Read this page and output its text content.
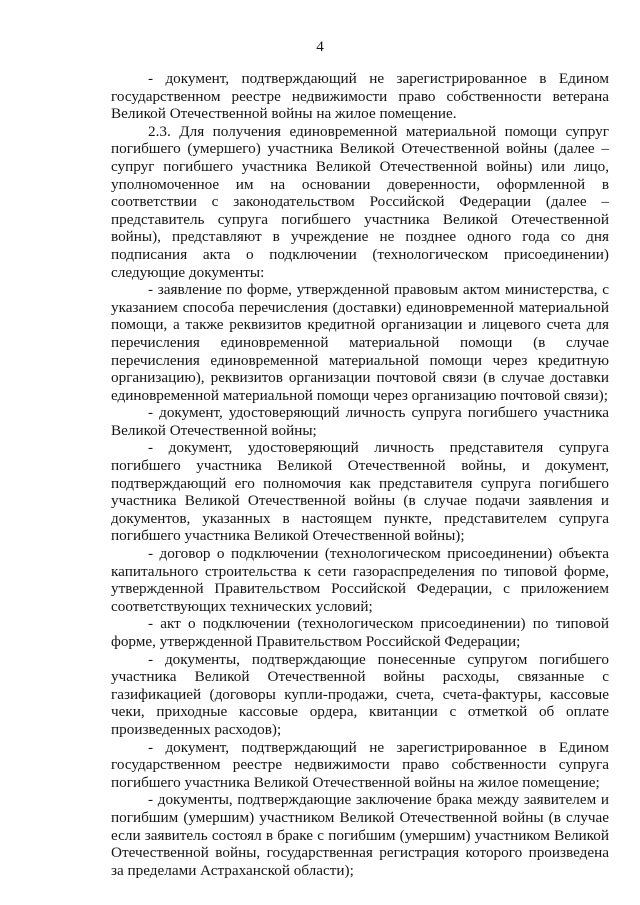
4

- документ, подтверждающий не зарегистрированное в Едином государственном реестре недвижимости право собственности ветерана Великой Отечественной войны на жилое помещение.

2.3. Для получения единовременной материальной помощи супруг погибшего (умершего) участника Великой Отечественной войны (далее – супруг погибшего участника Великой Отечественной войны) или лицо, уполномоченное им на основании доверенности, оформленной в соответствии с законодательством Российской Федерации (далее – представитель супруга погибшего участника Великой Отечественной войны), представляют в учреждение не позднее одного года со дня подписания акта о подключении (технологическом присоединении) следующие документы:

- заявление по форме, утвержденной правовым актом министерства, с указанием способа перечисления (доставки) единовременной материальной помощи, а также реквизитов кредитной организации и лицевого счета для перечисления единовременной материальной помощи (в случае перечисления единовременной материальной помощи через кредитную организацию), реквизитов организации почтовой связи (в случае доставки единовременной материальной помощи через организацию почтовой связи);

- документ, удостоверяющий личность супруга погибшего участника Великой Отечественной войны;

- документ, удостоверяющий личность представителя супруга погибшего участника Великой Отечественной войны, и документ, подтверждающий его полномочия как представителя супруга погибшего участника Великой Отечественной войны (в случае подачи заявления и документов, указанных в настоящем пункте, представителем супруга погибшего участника Великой Отечественной войны);

- договор о подключении (технологическом присоединении) объекта капитального строительства к сети газораспределения по типовой форме, утвержденной Правительством Российской Федерации, с приложением соответствующих технических условий;

- акт о подключении (технологическом присоединении) по типовой форме, утвержденной Правительством Российской Федерации;

- документы, подтверждающие понесенные супругом погибшего участника Великой Отечественной войны расходы, связанные с газификацией (договоры купли-продажи, счета, счета-фактуры, кассовые чеки, приходные кассовые ордера, квитанции с отметкой об оплате произведенных расходов);

- документ, подтверждающий не зарегистрированное в Едином государственном реестре недвижимости право собственности супруга погибшего участника Великой Отечественной войны на жилое помещение;

- документы, подтверждающие заключение брака между заявителем и погибшим (умершим) участником Великой Отечественной войны (в случае если заявитель состоял в браке с погибшим (умершим) участником Великой Отечественной войны, государственная регистрация которого произведена за пределами Астраханской области);
